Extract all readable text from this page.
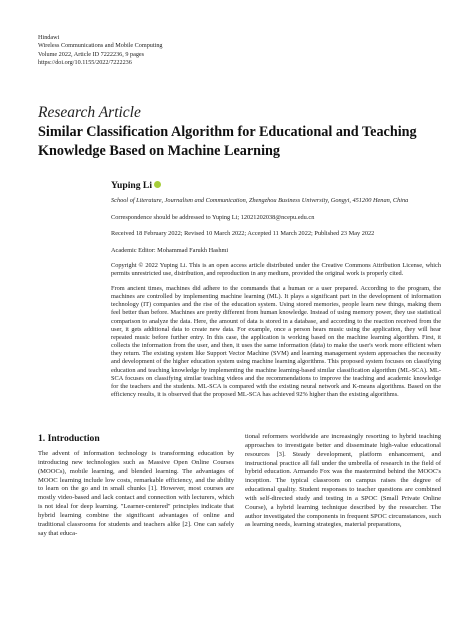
Hindawi
Wireless Communications and Mobile Computing
Volume 2022, Article ID 7222236, 9 pages
https://doi.org/10.1155/2022/7222236
Research Article
Similar Classification Algorithm for Educational and Teaching Knowledge Based on Machine Learning
Yuping Li
School of Literature, Journalism and Communication, Zhengzhou Business University, Gongyi, 451200 Henan, China
Correspondence should be addressed to Yuping Li; 12021202038@ncepu.edu.cn
Received 18 February 2022; Revised 10 March 2022; Accepted 11 March 2022; Published 23 May 2022
Academic Editor: Mohammad Farukh Hashmi
Copyright © 2022 Yuping Li. This is an open access article distributed under the Creative Commons Attribution License, which permits unrestricted use, distribution, and reproduction in any medium, provided the original work is properly cited.
From ancient times, machines did adhere to the commands that a human or a user prepared. According to the program, the machines are controlled by implementing machine learning (ML). It plays a significant part in the development of information technology (IT) companies and the rise of the education system. Using stored memories, people learn new things, making them feel better than before. Machines are pretty different from human knowledge. Instead of using memory power, they use statistical comparison to analyze the data. Here, the amount of data is stored in a database, and according to the reaction received from the user, it gets additional data to create new data. For example, once a person hears music using the application, they will hear repeated music before further entry. In this case, the application is working based on the machine learning algorithm. First, it collects the information from the user, and then, it uses the same information (data) to make the user's work more efficient when they return. The existing system like Support Vector Machine (SVM) and learning management system approaches the necessity and development of the higher education system using machine learning algorithms. This proposed system focuses on classifying education and teaching knowledge by implementing the machine learning-based similar classification algorithm (ML-SCA). ML-SCA focuses on classifying similar teaching videos and the recommendations to improve the teaching and academic knowledge for the teachers and the students. ML-SCA is compared with the existing neural network and K-means algorithms. Based on the efficiency results, it is observed that the proposed ML-SCA has achieved 92% higher than the existing algorithms.
1. Introduction

The advent of information technology is transforming education by introducing new technologies such as Massive Open Online Courses (MOOCs), mobile learning, and blended learning. The advantages of MOOC learning include low costs, remarkable efficiency, and the ability to learn on the go and in small chunks [1]. However, most courses are mostly video-based and lack contact and connection with lecturers, which is not ideal for deep learning. "Learner-centered" principles indicate that hybrid learning combine the significant advantages of online and traditional classrooms for students and teachers alike [2]. One can safely say that educa-

tional reformers worldwide are increasingly resorting to hybrid teaching approaches to investigate better and disseminate high-value educational resources [3]. Steady development, platform enhancement, and instructional practice all fall under the umbrella of research in the field of hybrid education. Armando Fox was the mastermind behind the MOOC's inception. The typical classroom on campus raises the degree of educational quality. Student responses to teacher questions are combined with self-directed study and testing in a SPOC (Small Private Online Course), a hybrid learning technique described by the researcher. The author investigated the components in frequent SPOC circumstances, such as learning needs, learning strategies, material preparations,
